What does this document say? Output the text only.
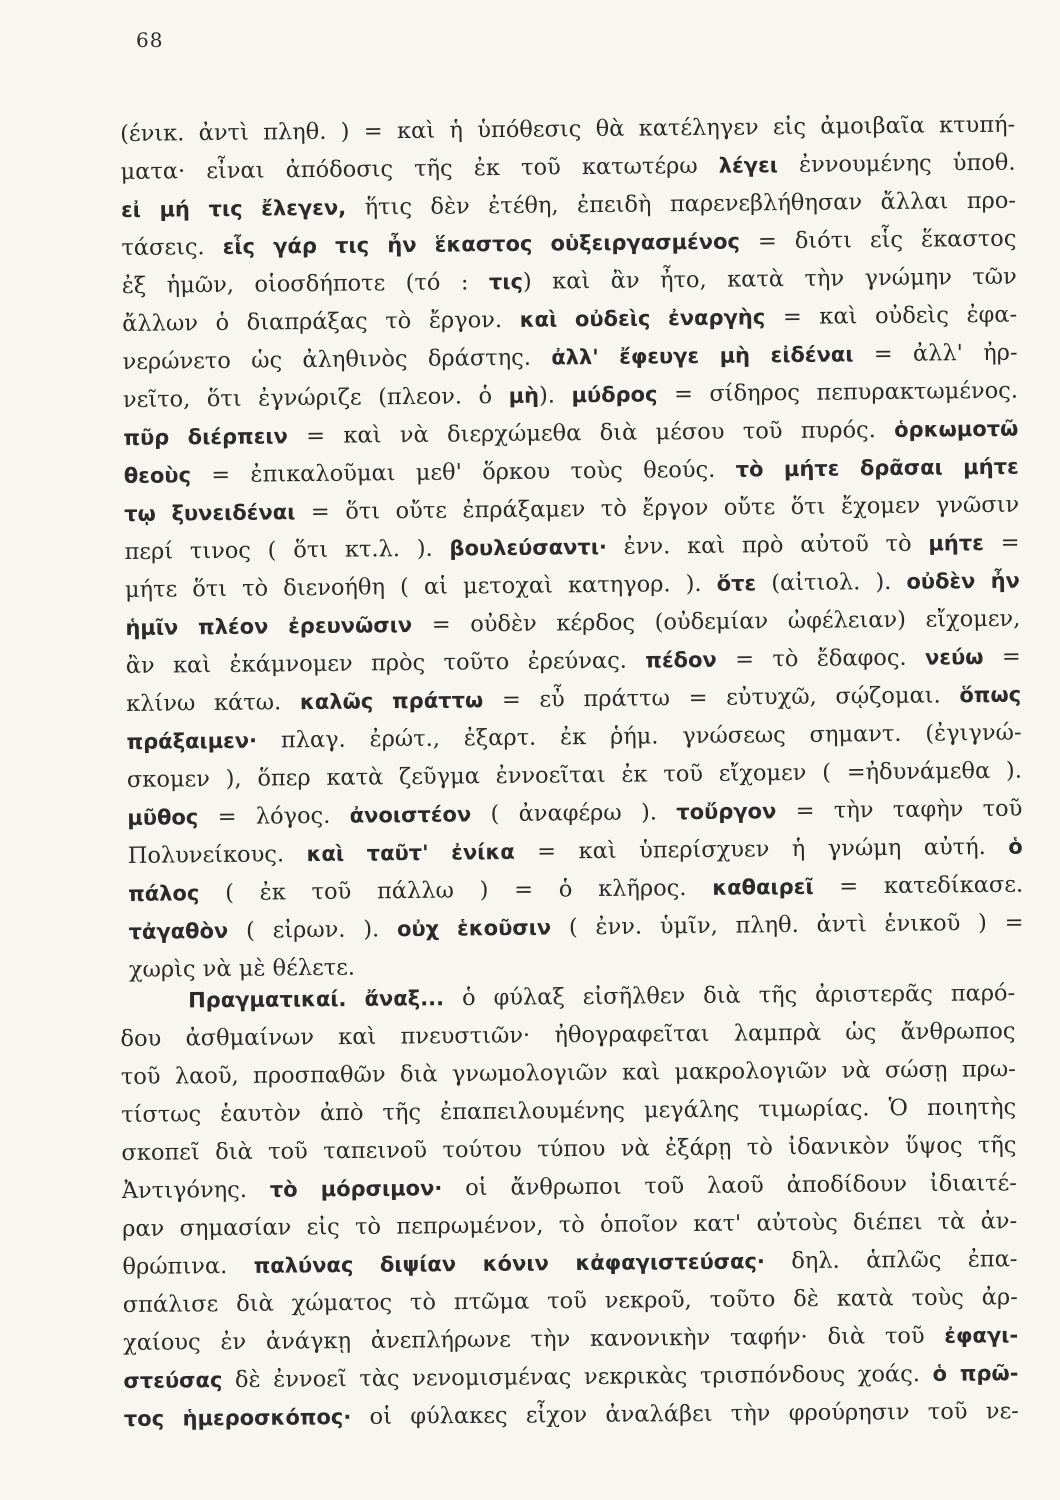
68
(ένικ. ἀντὶ πληθ. ) = καὶ ἡ ὑπόθεσις θὰ κατέληγεν εἰς ἀμοιβαῖα κτυπή-
ματα· εἶναι ἀπόδοσις τῆς ἐκ τοῦ κατωτέρω λέγει ἐννουμένης ὑποθ.
εἰ μή τις ἔλεγεν, ἥτις δὲν ἐτέθη, ἐπειδὴ παρενεβλήθησαν ἄλλαι προ-
τάσεις. εἷς γάρ τις ἦν ἕκαστος οὑξειργασμένος = διότι εἷς ἕκαστος
ἐξ ἡμῶν, οἱοσδήποτε (τό : τις) καὶ ἂν ἦτο, κατὰ τὴν γνώμην τῶν
ἄλλων ὁ διαπράξας τὸ ἔργον. καὶ οὐδεὶς ἐναργὴς = καὶ οὐδεὶς ἐφα-
νερώνετο ὡς ἀληθινὸς δράστης. ἀλλ' ἔφευγε μὴ εἰδέναι = ἀλλ' ἠρ-
νεῖτο, ὅτι ἐγνώριζε (πλεον. ὁ μὴ). μύδρος = σίδηρος πεπυρακτωμένος.
πῦρ διέρπειν = καὶ νὰ διερχώμεθα διὰ μέσου τοῦ πυρός. ὁρκωμοτῶ
θεοὺς = ἐπικαλοῦμαι μεθ' ὅρκου τοὺς θεούς. τὸ μήτε δρᾶσαι μήτε
τῳ ξυνειδέναι = ὅτι οὔτε ἐπράξαμεν τὸ ἔργον οὔτε ὅτι ἔχομεν γνῶσιν
περί τινος ( ὅτι κτ.λ. ). βουλεύσαντι· ἐνν. καὶ πρὸ αὐτοῦ τὸ μήτε =
μήτε ὅτι τὸ διενοήθη ( αἱ μετοχαὶ κατηγορ. ). ὅτε (αἰτιολ. ). οὐδὲν ἦν
ἡμῖν πλέον ἐρευνῶσιν = οὐδὲν κέρδος (οὐδεμίαν ὠφέλειαν) εἴχομεν,
ἂν καὶ ἐκάμνομεν πρὸς τοῦτο ἐρεύνας. πέδον = τὸ ἔδαφος. νεύω =
κλίνω κάτω. καλῶς πράττω = εὖ πράττω = εὐτυχῶ, σῴζομαι. ὅπως
πράξαιμεν· πλαγ. ἐρώτ., ἐξαρτ. ἐκ ῥήμ. γνώσεως σημαντ. (ἐγιγνώ-
σκομεν ), ὅπερ κατὰ ζεῦγμα ἐννοεῖται ἐκ τοῦ εἴχομεν ( =ἠδυνάμεθα ).
μῦθος = λόγος. ἀνοιστέον ( ἀναφέρω ). τοὔργον = τὴν ταφὴν τοῦ
Πολυνείκους. καὶ ταῦτ' ἐνίκα = καὶ ὑπερίσχυεν ἡ γνώμη αὐτή. ὁ
πάλος ( ἐκ τοῦ πάλλω ) = ὁ κλῆρος. καθαιρεῖ = κατεδίκασε.
τἀγαθὸν ( εἰρων. ). οὐχ ἑκοῦσιν ( ἐνν. ὑμῖν, πληθ. ἀντὶ ἑνικοῦ ) =
χωρὶς νὰ μὲ θέλετε.
Πραγματικαί. ἄναξ... ὁ φύλαξ εἰσῆλθεν διὰ τῆς ἀριστερᾶς παρό-
δου ἀσθμαίνων καὶ πνευστιῶν· ἠθογραφεῖται λαμπρὰ ὡς ἄνθρωπος
τοῦ λαοῦ, προσπαθῶν διὰ γνωμολογιῶν καὶ μακρολογιῶν νὰ σώσῃ πρω-
τίστως ἑαυτὸν ἀπὸ τῆς ἐπαπειλουμένης μεγάλης τιμωρίας. Ὁ ποιητὴς
σκοπεῖ διὰ τοῦ ταπεινοῦ τούτου τύπου νὰ ἐξάρῃ τὸ ἰδανικὸν ὕψος τῆς
Ἀντιγόνης. τὸ μόρσιμον· οἱ ἄνθρωποι τοῦ λαοῦ ἀποδίδουν ἰδιαιτέ-
ραν σημασίαν εἰς τὸ πεπρωμένον, τὸ ὁποῖον κατ' αὐτοὺς διέπει τὰ ἀν-
θρώπινα. παλύνας διψίαν κόνιν κἀφαγιστεύσας· δηλ. ἁπλῶς ἐπα-
σπάλισε διὰ χώματος τὸ πτῶμα τοῦ νεκροῦ, τοῦτο δὲ κατὰ τοὺς ἀρ-
χαίους ἐν ἀνάγκῃ ἀνεπλήρωνε τὴν κανονικὴν ταφήν· διὰ τοῦ ἐφαγι-
στεύσας δὲ ἐννοεῖ τὰς νενομισμένας νεκρικὰς τρισπόνδους χοάς. ὁ πρῶ-
τος ἡμεροσκόπος· οἱ φύλακες εἶχον ἀναλάβει τὴν φρούρησιν τοῦ νε-
